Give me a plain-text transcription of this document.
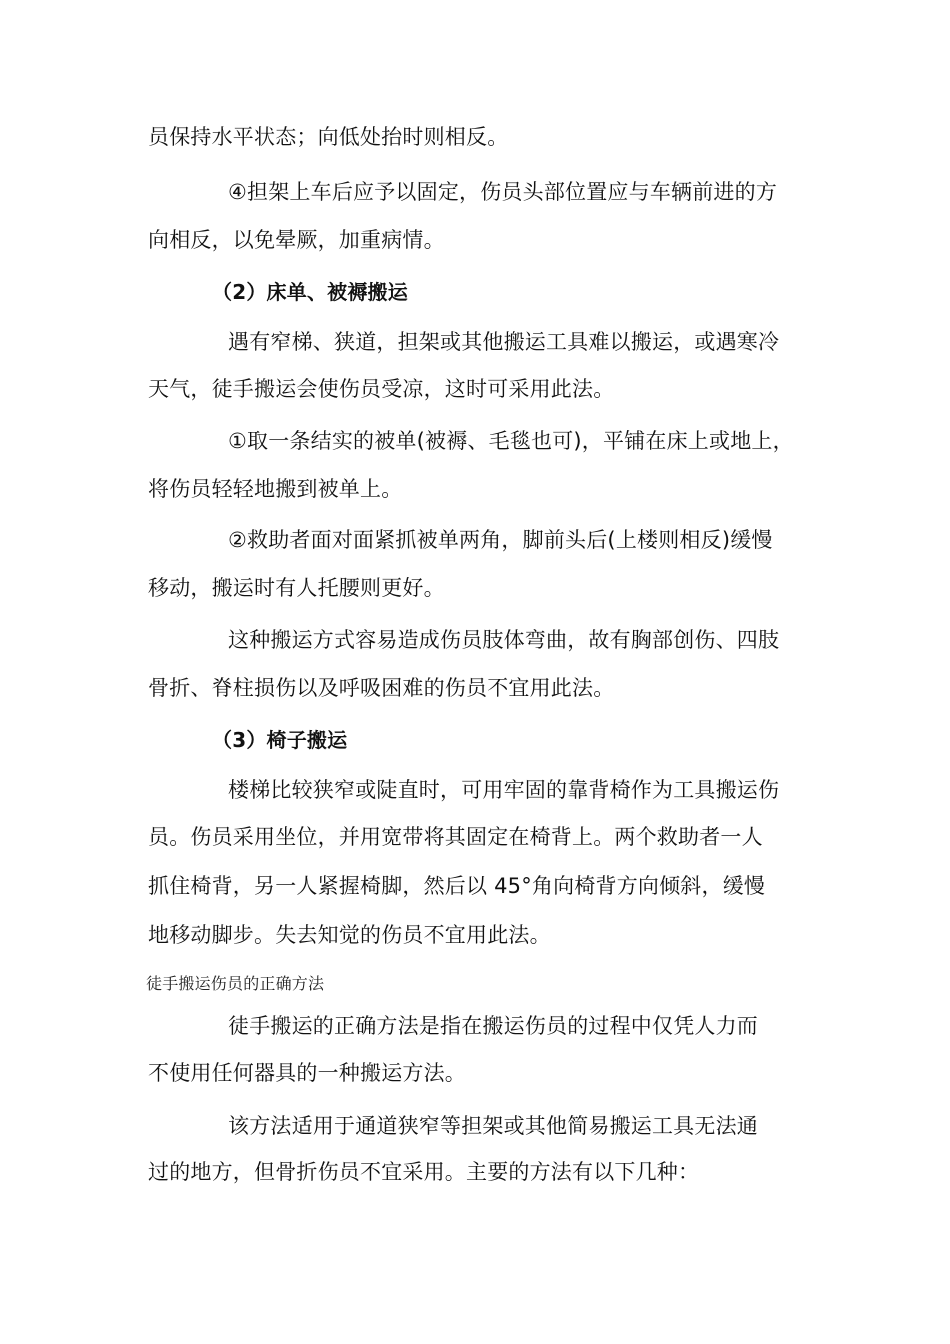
员保持水平状态；向低处抬时则相反。
④担架上车后应予以固定，伤员头部位置应与车辆前进的方
向相反，以免晕厥，加重病情。
（2）床单、被褥搬运
遇有窄梯、狭道，担架或其他搬运工具难以搬运，或遇寒冷
天气，徒手搬运会使伤员受凉，这时可采用此法。
①取一条结实的被单(被褥、毛毯也可)，平铺在床上或地上，
将伤员轻轻地搬到被单上。
②救助者面对面紧抓被单两角，脚前头后(上楼则相反)缓慢
移动，搬运时有人托腰则更好。
这种搬运方式容易造成伤员肢体弯曲，故有胸部创伤、四肢
骨折、脊柱损伤以及呼吸困难的伤员不宜用此法。
（3）椅子搬运
楼梯比较狭窄或陡直时，可用牢固的靠背椅作为工具搬运伤
员。伤员采用坐位，并用宽带将其固定在椅背上。两个救助者一人
抓住椅背，另一人紧握椅脚，然后以 45°角向椅背方向倾斜，缓慢
地移动脚步。失去知觉的伤员不宜用此法。
徒手搬运伤员的正确方法
徒手搬运的正确方法是指在搬运伤员的过程中仅凭人力而
不使用任何器具的一种搬运方法。
该方法适用于通道狭窄等担架或其他简易搬运工具无法通
过的地方，但骨折伤员不宜采用。主要的方法有以下几种：
